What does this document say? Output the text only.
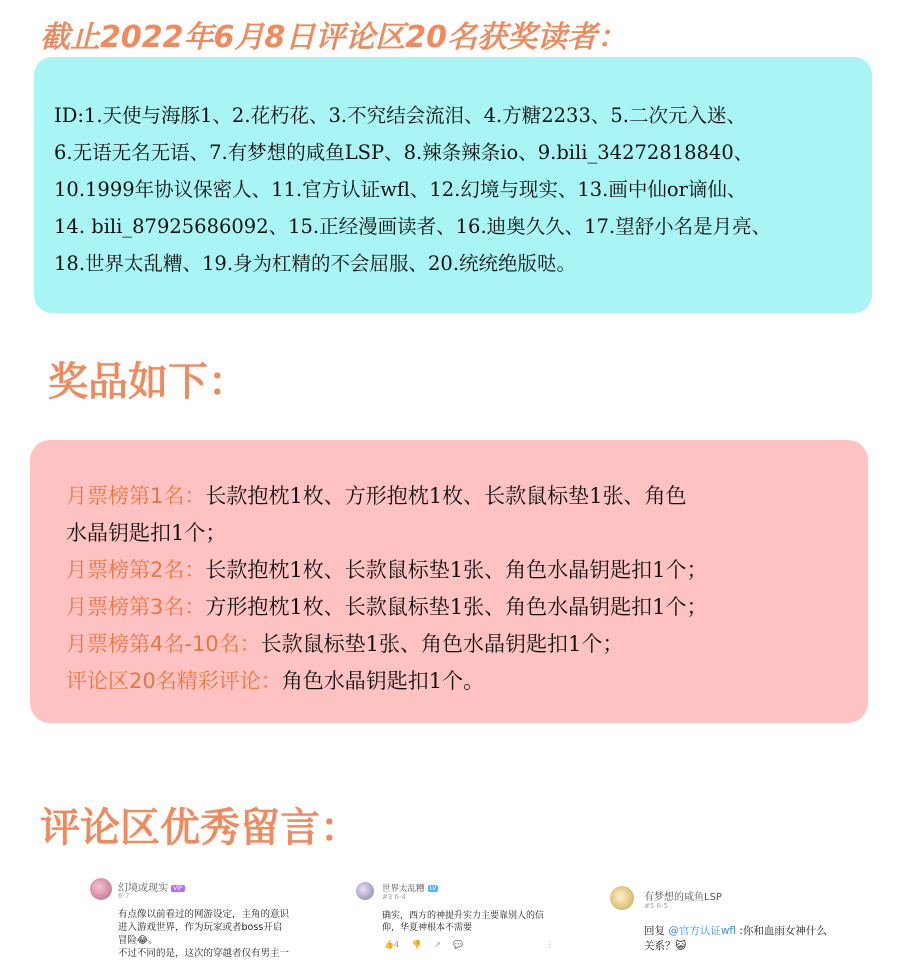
截止2022年6月8日评论区20名获奖读者：
ID:1.天使与海豚1、2.花朽花、3.不究结会流泪、4.方糖2233、5.二次元入迷、
6.无语无名无语、7.有梦想的咸鱼LSP、8.辣条辣条io、9.bili_34272818840、
10.1999年协议保密人、11.官方认证wfl、12.幻境与现实、13.画中仙or谪仙、
14. bili_87925686092、15.正经漫画读者、16.迪奥久久、17.望舒小名是月亮、
18.世界太乱糟、19.身为杠精的不会屈服、20.统统绝版哒。
奖品如下：
月票榜第1名：长款抱枕1枚、方形抱枕1枚、长款鼠标垫1张、角色
水晶钥匙扣1个；
月票榜第2名：长款抱枕1枚、长款鼠标垫1张、角色水晶钥匙扣1个；
月票榜第3名：方形抱枕1枚、长款鼠标垫1张、角色水晶钥匙扣1个；
月票榜第4名-10名：长款鼠标垫1张、角色水晶钥匙扣1个；
评论区20名精彩评论：角色水晶钥匙扣1个。
评论区优秀留言：
幻境或现实 VIP
6-7
有点像以前看过的网游设定，主角的意识
进入游戏世界，作为玩家或者boss开启
冒险😂。
不过不同的是，这次的穿越者仅有男主一
世界太乱糟 LV
#3 6-4
确实，西方的神提升实力主要靠别人的信
仰，华夏神根本不需要
👍4 👎 ↗ 💬	⋮
有梦想的咸鱼LSP
#5 6-5
回复 @官方认证wfl :你和血雨女神什么
关系？😺
